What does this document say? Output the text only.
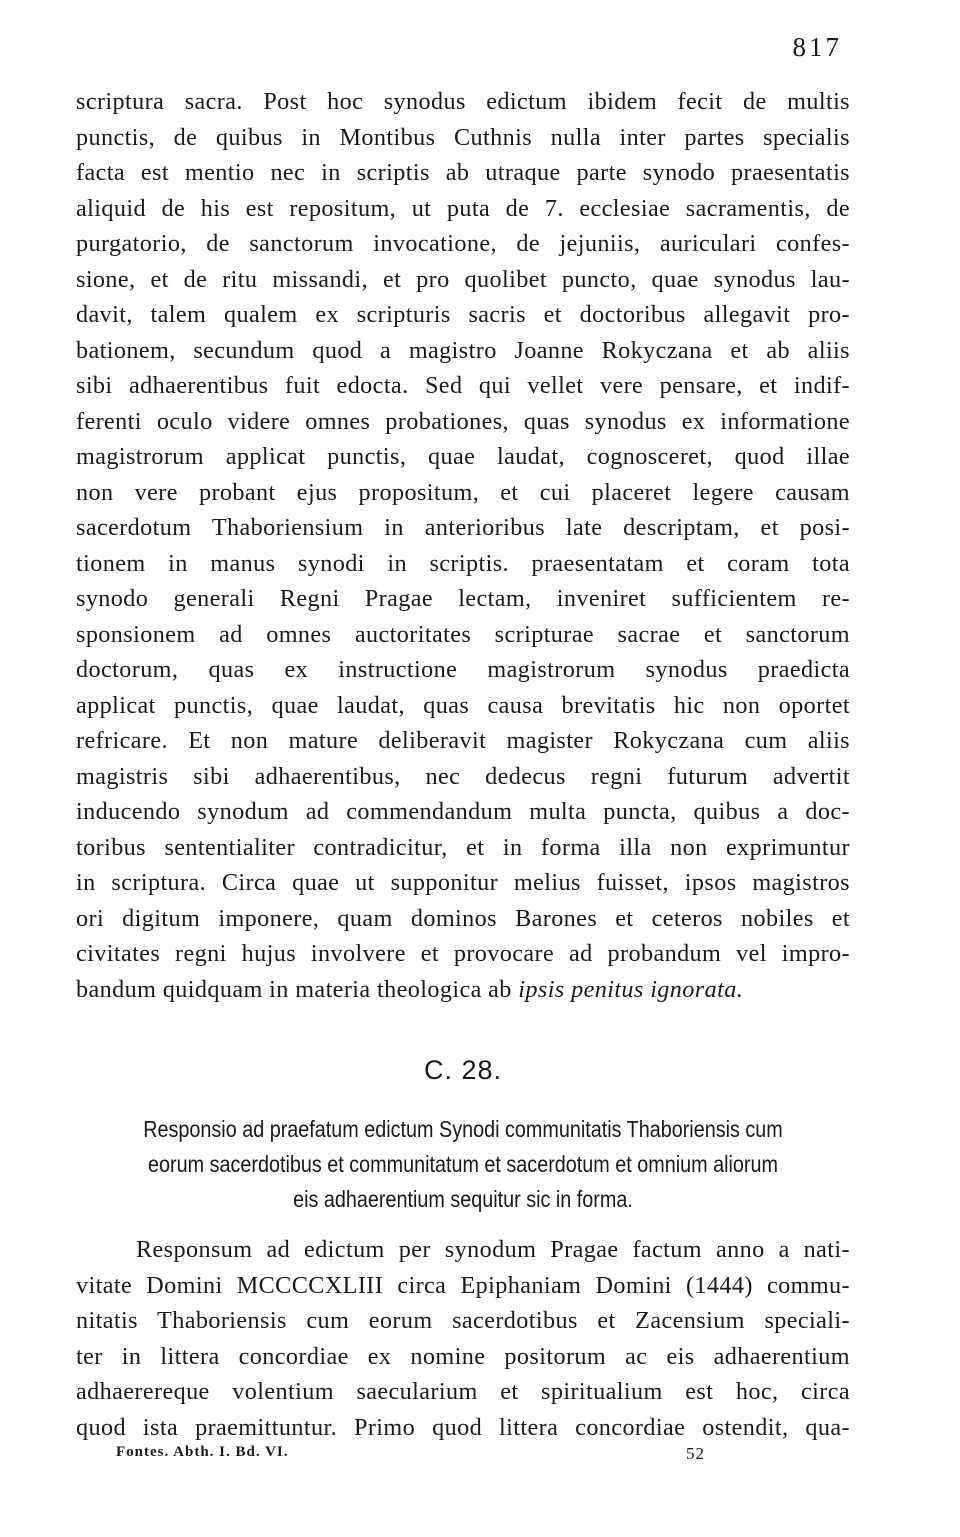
817
scriptura sacra. Post hoc synodus edictum ibidem fecit de multis
punctis, de quibus in Montibus Cuthnis nulla inter partes specialis
facta est mentio nec in scriptis ab utraque parte synodo praesentatis
aliquid de his est repositum, ut puta de 7. ecclesiae sacramentis, de
purgatorio, de sanctorum invocatione, de jejuniis, auriculari confes-
sione, et de ritu missandi, et pro quolibet puncto, quae synodus lau-
davit, talem qualem ex scripturis sacris et doctoribus allegavit pro-
bationem, secundum quod a magistro Joanne Rokyczana et ab aliis
sibi adhaerentibus fuit edocta. Sed qui vellet vere pensare, et indif-
ferenti oculo videre omnes probationes, quas synodus ex informatione
magistrorum applicat punctis, quae laudat, cognosceret, quod illae
non vere probant ejus propositum, et cui placeret legere causam
sacerdotum Thaboriensium in anterioribus late descriptam, et posi-
tionem in manus synodi in scriptis. praesentatam et coram tota
synodo generali Regni Pragae lectam, inveniret sufficientem re-
sponsionem ad omnes auctoritates scripturae sacrae et sanctorum
doctorum, quas ex instructione magistrorum synodus praedicta
applicat punctis, quae laudat, quas causa brevitatis hic non oportet
refricare. Et non mature deliberavit magister Rokyczana cum aliis
magistris sibi adhaerentibus, nec dedecus regni futurum advertit
inducendo synodum ad commendandum multa puncta, quibus a doc-
toribus sententialiter contradicitur, et in forma illa non exprimuntur
in scriptura. Circa quae ut supponitur melius fuisset, ipsos magistros
ori digitum imponere, quam dominos Barones et ceteros nobiles et
civitates regni hujus involvere et provocare ad probandum vel impro-
bandum quidquam in materia theologica ab ipsis penitus ignorata.
C. 28.
Responsio ad praefatum edictum Synodi communitatis Thaboriensis cum
eorum sacerdotibus et communitatum et sacerdotum et omnium aliorum
eis adhaerentium sequitur sic in forma.
Responsum ad edictum per synodum Pragae factum anno a nati-
vitate Domini MCCCCXLIII circa Epiphaniam Domini (1444) commu-
nitatis Thaboriensis cum eorum sacerdotibus et Zacensium speciali-
ter in littera concordiae ex nomine positorum ac eis adhaerentium
adhaerereque volentium saecularium et spiritualium est hoc, circa
quod ista praemittuntur. Primo quod littera concordiae ostendit, qua-
Fontes. Abth. I. Bd. VI.	52
